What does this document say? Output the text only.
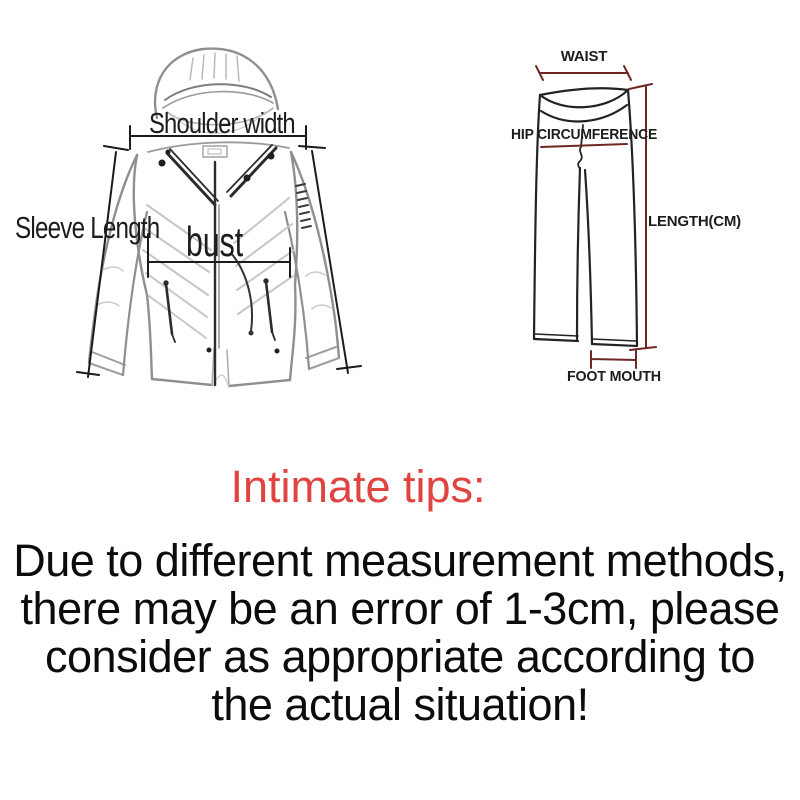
Shoulder width
Sleeve Length bust
WAIST
HIP CIRCUMFERENCE
LENGTH(CM)
FOOT MOUTH
Intimate tips:
Due to different measurement methods,
there may be an error of 1-3cm, please
consider as appropriate according to
the actual situation!
